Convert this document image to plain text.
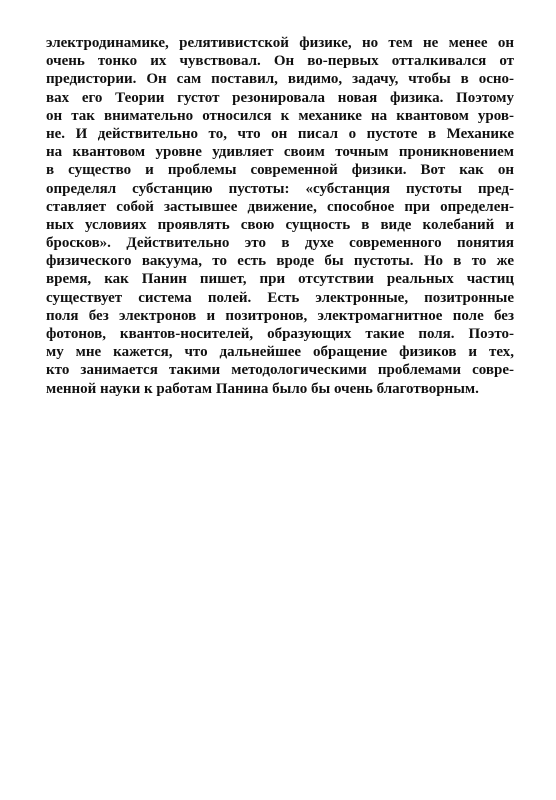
электродинамике, релятивистской физике, но тем не менее он
очень тонко их чувствовал. Он во-первых отталкивался от
предистории. Он сам поставил, видимо, задачу, чтобы в осно-
вах его Теории густот резонировала новая физика. Поэтому
он так внимательно относился к механике на квантовом уров-
не. И действительно то, что он писал о пустоте в Механике
на квантовом уровне удивляет своим точным проникновением
в существо и проблемы современной физики. Вот как он
определял субстанцию пустоты: «субстанция пустоты пред-
ставляет собой застывшее движение, способное при определен-
ных условиях проявлять свою сущность в виде колебаний и
бросков». Действительно это в духе современного понятия
физического вакуума, то есть вроде бы пустоты. Но в то же
время, как Панин пишет, при отсутствии реальных частиц
существует система полей. Есть электронные, позитронные
поля без электронов и позитронов, электромагнитное поле без
фотонов, квантов-носителей, образующих такие поля. Поэто-
му мне кажется, что дальнейшее обращение физиков и тех,
кто занимается такими методологическими проблемами совре-
менной науки к работам Панина было бы очень благотворным.
